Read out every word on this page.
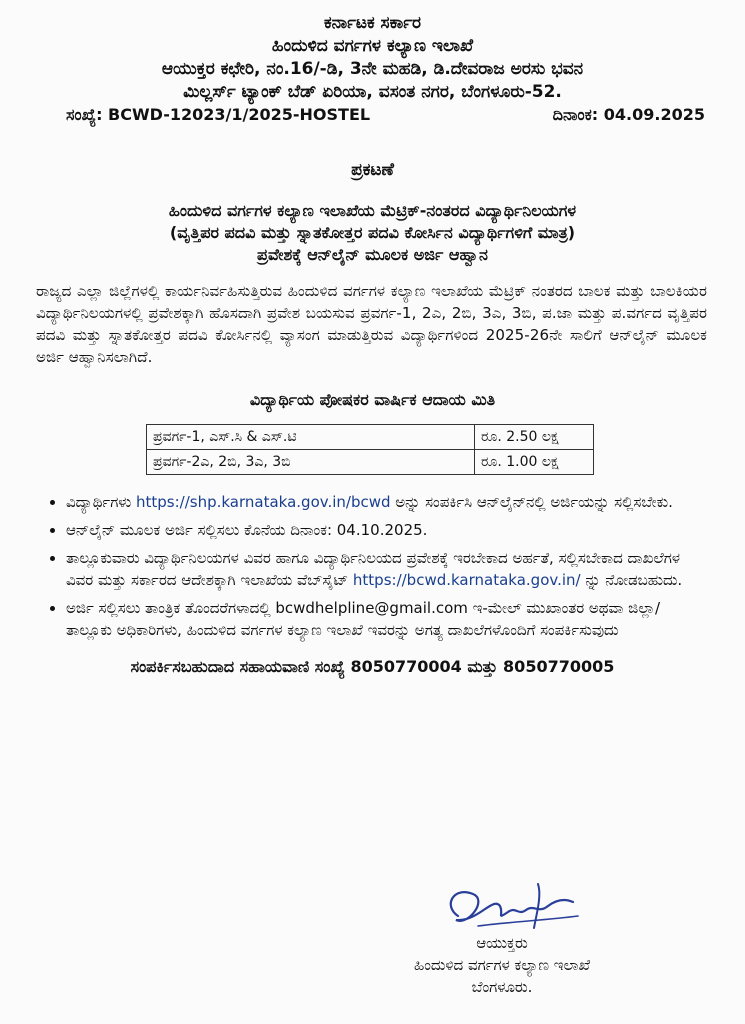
ಕರ್ನಾಟಕ ಸರ್ಕಾರ
ಹಿಂದುಳಿದ ವರ್ಗಗಳ ಕಲ್ಯಾಣ ಇಲಾಖೆ
ಆಯುಕ್ತರ ಕಛೇರಿ, ನಂ.16/-ಡಿ, 3ನೇ ಮಹಡಿ, ಡಿ.ದೇವರಾಜ ಅರಸು ಭವನ
ಮಿಲ್ಲರ್ಸ್ ಟ್ಯಾಂಕ್ ಬೆಡ್ ಏರಿಯಾ, ವಸಂತ ನಗರ, ಬೆಂಗಳೂರು-52.
ಸಂಖ್ಯೆ: BCWD-12023/1/2025-HOSTEL	ದಿನಾಂಕ: 04.09.2025
ಪ್ರಕಟಣೆ
ಹಿಂದುಳಿದ ವರ್ಗಗಳ ಕಲ್ಯಾಣ ಇಲಾಖೆಯ ಮೆಟ್ರಿಕ್-ನಂತರದ ವಿದ್ಯಾರ್ಥಿನಿಲಯಗಳ
(ವೃತ್ತಿಪರ ಪದವಿ ಮತ್ತು ಸ್ನಾತಕೋತ್ತರ ಪದವಿ ಕೋರ್ಸಿನ ವಿದ್ಯಾರ್ಥಿಗಳಿಗೆ ಮಾತ್ರ)
ಪ್ರವೇಶಕ್ಕೆ ಆನ್‌ಲೈನ್ ಮೂಲಕ ಅರ್ಜಿ ಆಹ್ವಾನ

ರಾಜ್ಯದ ಎಲ್ಲಾ ಜಿಲ್ಲೆಗಳಲ್ಲಿ ಕಾರ್ಯನಿರ್ವಹಿಸುತ್ತಿರುವ ಹಿಂದುಳಿದ ವರ್ಗಗಳ ಕಲ್ಯಾಣ ಇಲಾಖೆಯ ಮೆಟ್ರಿಕ್ ನಂತರದ ಬಾಲಕ ಮತ್ತು ಬಾಲಕಿಯರ ವಿದ್ಯಾರ್ಥಿನಿಲಯಗಳಲ್ಲಿ ಪ್ರವೇಶಕ್ಕಾಗಿ ಹೊಸದಾಗಿ ಪ್ರವೇಶ ಬಯಸುವ ಪ್ರವರ್ಗ-1, 2ಎ, 2ಬಿ, 3ಎ, 3ಬಿ, ಪ.ಜಾ ಮತ್ತು ಪ.ವರ್ಗದ ವೃತ್ತಿಪರ ಪದವಿ ಮತ್ತು ಸ್ನಾತಕೋತ್ತರ ಪದವಿ ಕೋರ್ಸಿನಲ್ಲಿ ವ್ಯಾಸಂಗ ಮಾಡುತ್ತಿರುವ ವಿದ್ಯಾರ್ಥಿಗಳಿಂದ 2025-26ನೇ ಸಾಲಿಗೆ ಆನ್‌ಲೈನ್ ಮೂಲಕ ಅರ್ಜಿ ಆಹ್ವಾನಿಸಲಾಗಿದೆ.

ವಿದ್ಯಾರ್ಥಿಯ ಪೋಷಕರ ವಾರ್ಷಿಕ ಆದಾಯ ಮಿತಿ
ಪ್ರವರ್ಗ-1, ಎಸ್.ಸಿ & ಎಸ್.ಟಿ	ರೂ. 2.50 ಲಕ್ಷ
ಪ್ರವರ್ಗ-2ಎ, 2ಬಿ, 3ಎ, 3ಬಿ	ರೂ. 1.00 ಲಕ್ಷ
• ವಿದ್ಯಾರ್ಥಿಗಳು https://shp.karnataka.gov.in/bcwd ಅನ್ನು ಸಂಪರ್ಕಿಸಿ ಆನ್‌ಲೈನ್‌ನಲ್ಲಿ ಅರ್ಜಿಯನ್ನು ಸಲ್ಲಿಸಬೇಕು.
• ಆನ್‌ಲೈನ್ ಮೂಲಕ ಅರ್ಜಿ ಸಲ್ಲಿಸಲು ಕೊನೆಯ ದಿನಾಂಕ: 04.10.2025.
• ತಾಲ್ಲೂಕುವಾರು ವಿದ್ಯಾರ್ಥಿನಿಲಯಗಳ ವಿವರ ಹಾಗೂ ವಿದ್ಯಾರ್ಥಿನಿಲಯದ ಪ್ರವೇಶಕ್ಕೆ ಇರಬೇಕಾದ ಅರ್ಹತೆ, ಸಲ್ಲಿಸಬೇಕಾದ ದಾಖಲೆಗಳ ವಿವರ ಮತ್ತು ಸರ್ಕಾರದ ಆದೇಶಕ್ಕಾಗಿ ಇಲಾಖೆಯ ವೆಬ್‌ಸೈಟ್ https://bcwd.karnataka.gov.in/ ನ್ನು ನೋಡಬಹುದು.
• ಅರ್ಜಿ ಸಲ್ಲಿಸಲು ತಾಂತ್ರಿಕ ತೊಂದರೆಗಳಾದಲ್ಲಿ bcwdhelpline@gmail.com ಇ-ಮೇಲ್ ಮುಖಾಂತರ ಅಥವಾ ಜಿಲ್ಲಾ/ತಾಲ್ಲೂಕು ಅಧಿಕಾರಿಗಳು, ಹಿಂದುಳಿದ ವರ್ಗಗಳ ಕಲ್ಯಾಣ ಇಲಾಖೆ ಇವರನ್ನು ಅಗತ್ಯ ದಾಖಲೆಗಳೊಂದಿಗೆ ಸಂಪರ್ಕಿಸುವುದು
ಸಂಪರ್ಕಿಸಬಹುದಾದ ಸಹಾಯವಾಣಿ ಸಂಖ್ಯೆ 8050770004 ಮತ್ತು 8050770005
ಆಯುಕ್ತರು
ಹಿಂದುಳಿದ ವರ್ಗಗಳ ಕಲ್ಯಾಣ ಇಲಾಖೆ
ಬೆಂಗಳೂರು.
